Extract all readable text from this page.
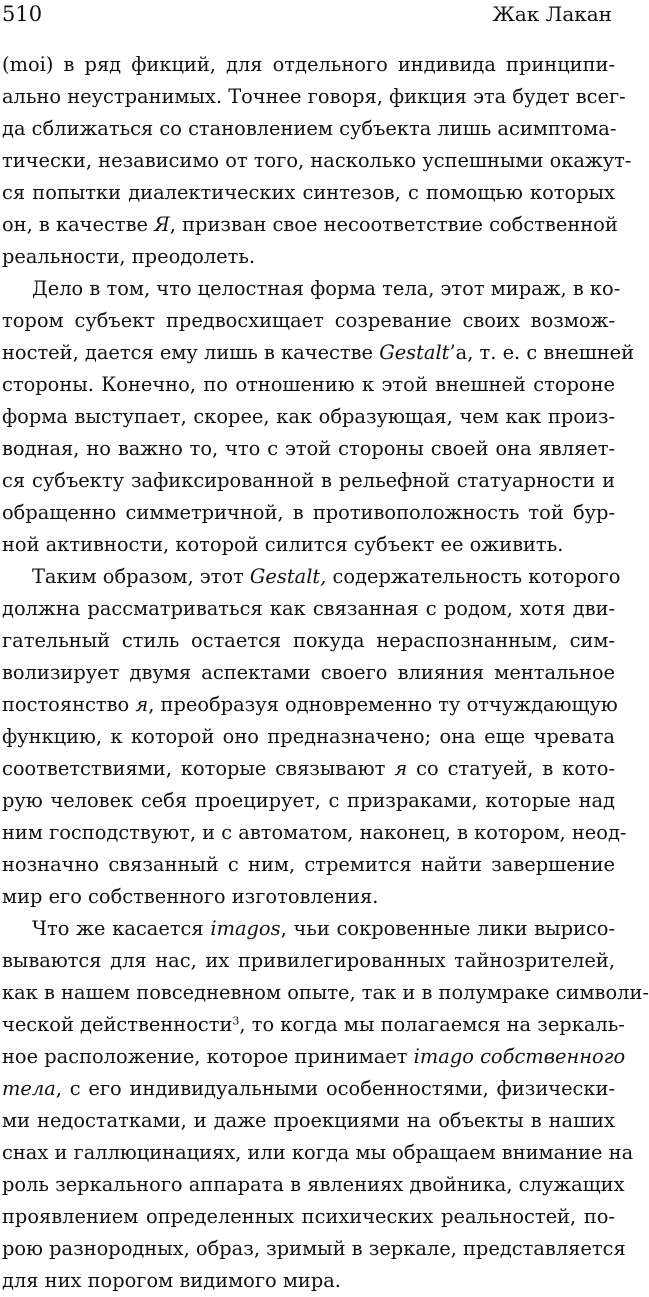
510	Жак Лакан
(moi) в ряд фикций, для отдельного индивида принципи-
ально неустранимых. Точнее говоря, фикция эта будет всег-
да сближаться со становлением субъекта лишь асимптома-
тически, независимо от того, насколько успешными окажут-
ся попытки диалектических синтезов, с помощью которых
он, в качестве Я, призван свое несоответствие собственной
реальности, преодолеть.
Дело в том, что целостная форма тела, этот мираж, в ко-
тором субъект предвосхищает созревание своих возмож-
ностей, дается ему лишь в качестве Gestalt’а, т. е. с внешней
стороны. Конечно, по отношению к этой внешней стороне
форма выступает, скорее, как образующая, чем как произ-
водная, но важно то, что с этой стороны своей она являет-
ся субъекту зафиксированной в рельефной статуарности и
обращенно симметричной, в противоположность той бур-
ной активности, которой силится субъект ее оживить.
Таким образом, этот Gestalt, содержательность которого
должна рассматриваться как связанная с родом, хотя дви-
гательный стиль остается покуда нераспознанным, сим-
волизирует двумя аспектами своего влияния ментальное
постоянство я, преобразуя одновременно ту отчуждающую
функцию, к которой оно предназначено; она еще чревата
соответствиями, которые связывают я со статуей, в кото-
рую человек себя проецирует, с призраками, которые над
ним господствуют, и с автоматом, наконец, в котором, неод-
нозначно связанный с ним, стремится найти завершение
мир его собственного изготовления.
Что же касается imagos, чьи сокровенные лики вырисо-
вываются для нас, их привилегированных тайнозрителей,
как в нашем повседневном опыте, так и в полумраке символи-
ческой действенности$^3$, то когда мы полагаемся на зеркаль-
ное расположение, которое принимает imago собственного
тела, с его индивидуальными особенностями, физически-
ми недостатками, и даже проекциями на объекты в наших
снах и галлюцинациях, или когда мы обращаем внимание на
роль зеркального аппарата в явлениях двойника, служащих
проявлением определенных психических реальностей, по-
рою разнородных, образ, зримый в зеркале, представляется
для них порогом видимого мира.
